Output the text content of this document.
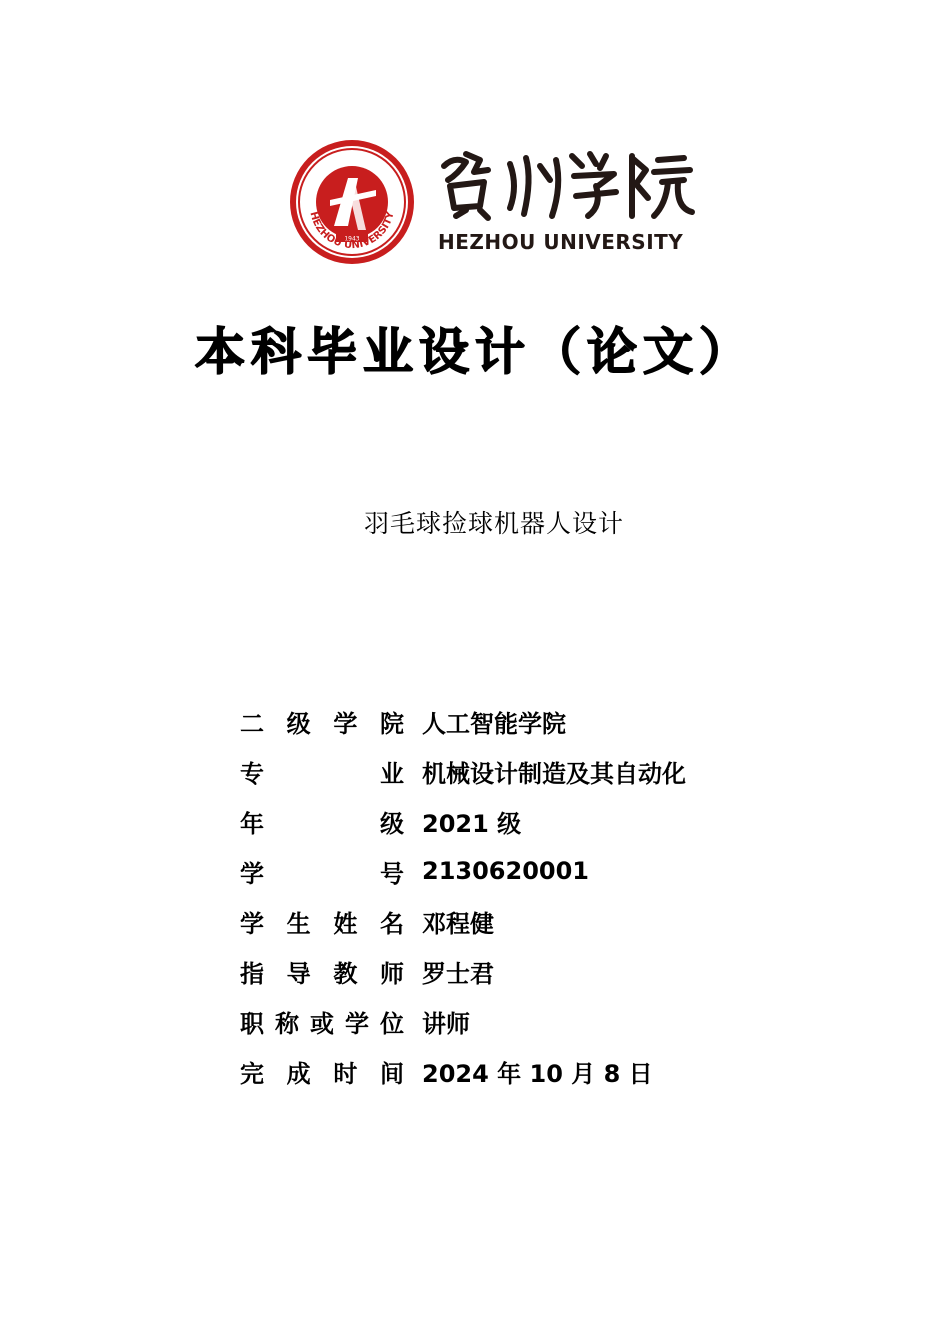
1943
HEZHOU UNIVERSITY
HEZHOU UNIVERSITY
本科毕业设计（论文）
羽毛球捡球机器人设计
二 级 学 院 人工智能学院
专	业 机械设计制造及其自动化
年	级 2021 级
学	号 2130620001
学 生 姓 名 邓程健
指 导 教 师 罗士君
职 称 或 学 位 讲师
完 成 时 间 2024 年 10 月 8 日
